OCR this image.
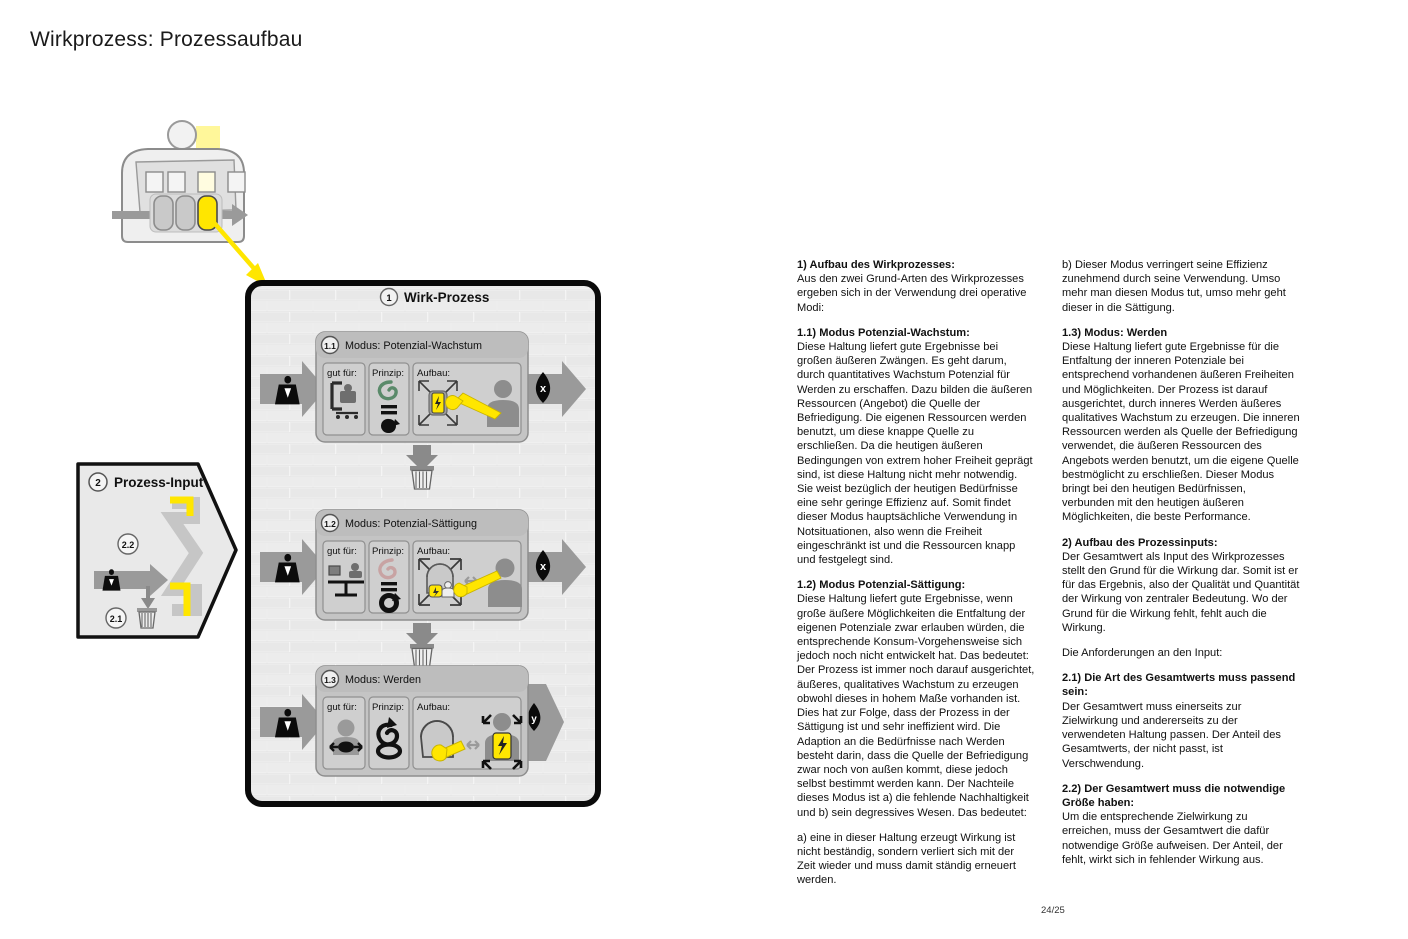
Wirkprozess: Prozessaufbau
2 Prozess-Input
2.2
2.1
1 Wirk-Prozess
x
1.1 Modus: Potenzial-Wachstum
gut für: Prinzip: Aufbau:
x
1.2 Modus: Potenzial-Sättigung
gut für: Prinzip: Aufbau:
y
1.3 Modus: Werden
gut für: Prinzip: Aufbau:

1) Aufbau des Wirkprozesses:

Aus den zwei Grund-Arten des Wirkprozesses ergeben sich in der Verwendung drei operative Modi:

1.1) Modus Potenzial-Wachstum:

Diese Haltung liefert gute Ergebnisse bei großen äußeren Zwängen. Es geht darum, durch quantitatives Wachstum Potenzial für Werden zu erschaffen. Dazu bilden die äußeren Ressourcen (Angebot) die Quelle der Befriedigung. Die eigenen Ressourcen werden benutzt, um diese knappe Quelle zu erschließen. Da die heutigen äußeren Bedingungen von extrem hoher Freiheit geprägt sind, ist diese Haltung nicht mehr notwendig. Sie weist bezüglich der heutigen Bedürfnisse eine sehr geringe Effizienz auf. Somit findet dieser Modus hauptsächliche Verwendung in Notsituationen, also wenn die Freiheit eingeschränkt ist und die Ressourcen knapp und festgelegt sind.

1.2) Modus Potenzial-Sättigung:

Diese Haltung liefert gute Ergebnisse, wenn große äußere Möglichkeiten die Entfaltung der eigenen Potenziale zwar erlauben würden, die entsprechende Konsum-Vorgehensweise sich jedoch noch nicht entwickelt hat. Das bedeutet: Der Prozess ist immer noch darauf ausgerichtet, äußeres, qualitatives Wachstum zu erzeugen obwohl dieses in hohem Maße vorhanden ist. Dies hat zur Folge, dass der Prozess in der Sättigung ist und sehr ineffizient wird. Die Adaption an die Bedürfnisse nach Werden besteht darin, dass die Quelle der Befriedigung zwar noch von außen kommt, diese jedoch selbst bestimmt werden kann. Der Nachteile dieses Modus ist a) die fehlende Nachhaltigkeit und b) sein degressives Wesen. Das bedeutet:

a) eine in dieser Haltung erzeugt Wirkung ist nicht beständig, sondern verliert sich mit der Zeit wieder und muss damit ständig erneuert werden.

b) Dieser Modus verringert seine Effizienz zunehmend durch seine Verwendung. Umso mehr man diesen Modus tut, umso mehr geht dieser in die Sättigung.

1.3) Modus: Werden

Diese Haltung liefert gute Ergebnisse für die Entfaltung der inneren Potenziale bei entsprechend vorhandenen äußeren Freiheiten und Möglichkeiten. Der Prozess ist darauf ausgerichtet, durch inneres Werden äußeres qualitatives Wachstum zu erzeugen. Die inneren Ressourcen werden als Quelle der Befriedigung verwendet, die äußeren Ressourcen des Angebots werden benutzt, um die eigene Quelle bestmöglicht zu erschließen. Dieser Modus bringt bei den heutigen Bedürfnissen, verbunden mit den heutigen äußeren Möglichkeiten, die beste Performance.

2) Aufbau des Prozessinputs:

Der Gesamtwert als Input des Wirkprozesses stellt den Grund für die Wirkung dar. Somit ist er für das Ergebnis, also der Qualität und Quantität der Wirkung von zentraler Bedeutung. Wo der Grund für die Wirkung fehlt, fehlt auch die Wirkung.

Die Anforderungen an den Input:

2.1) Die Art des Gesamtwerts muss passend sein:

Der Gesamtwert muss einerseits zur Zielwirkung und andererseits zu der verwendeten Haltung passen. Der Anteil des Gesamtwerts, der nicht passt, ist Verschwendung.

2.2) Der Gesamtwert muss die notwendige Größe haben:

Um die entsprechende Zielwirkung zu erreichen, muss der Gesamtwert die dafür notwendige Größe aufweisen. Der Anteil, der fehlt, wirkt sich in fehlender Wirkung aus.

24/25
